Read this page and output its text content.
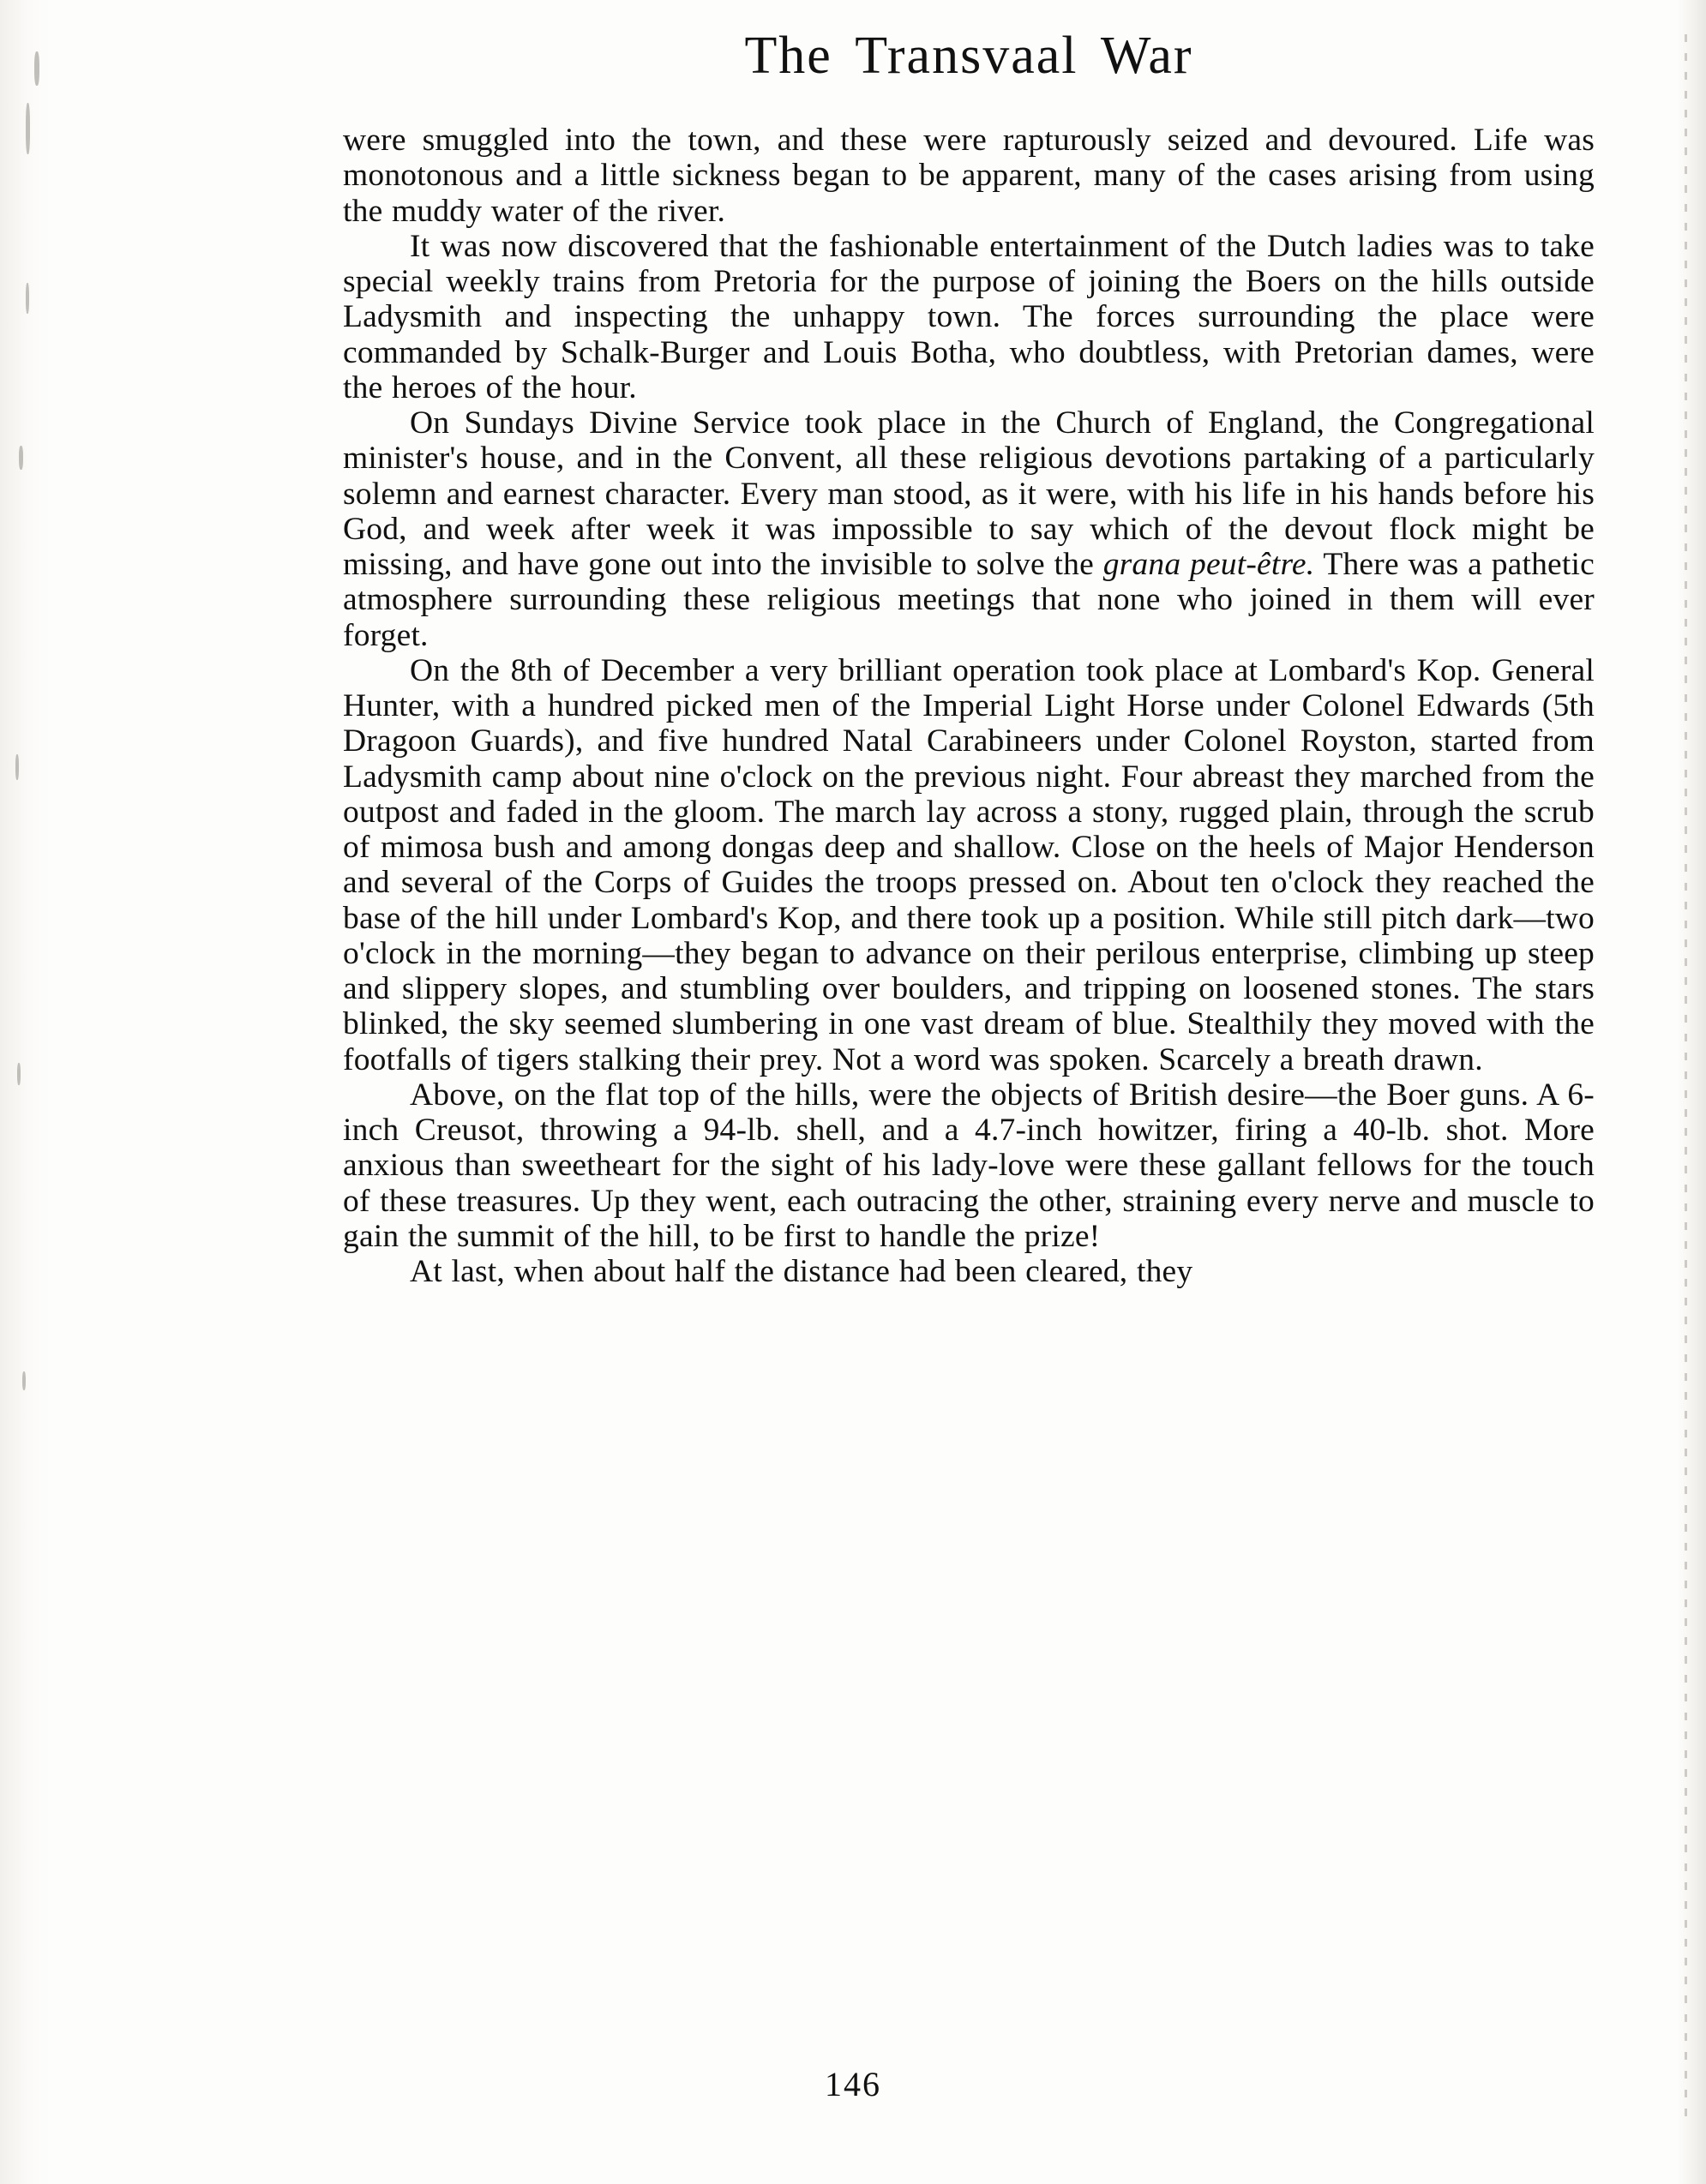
The Transvaal War

were smuggled into the town, and these were rapturously seized and devoured. Life was monotonous and a little sickness began to be apparent, many of the cases arising from using the muddy water of the river.

It was now discovered that the fashionable entertainment of the Dutch ladies was to take special weekly trains from Pretoria for the purpose of joining the Boers on the hills outside Ladysmith and inspecting the unhappy town. The forces surrounding the place were commanded by Schalk-Burger and Louis Botha, who doubtless, with Pretorian dames, were the heroes of the hour.

On Sundays Divine Service took place in the Church of England, the Congregational minister's house, and in the Convent, all these religious devotions partaking of a particularly solemn and earnest character. Every man stood, as it were, with his life in his hands before his God, and week after week it was impossible to say which of the devout flock might be missing, and have gone out into the invisible to solve the grana peut-être. There was a pathetic atmosphere surrounding these religious meetings that none who joined in them will ever forget.

On the 8th of December a very brilliant operation took place at Lombard's Kop. General Hunter, with a hundred picked men of the Imperial Light Horse under Colonel Edwards (5th Dragoon Guards), and five hundred Natal Carabineers under Colonel Royston, started from Ladysmith camp about nine o'clock on the previous night. Four abreast they marched from the outpost and faded in the gloom. The march lay across a stony, rugged plain, through the scrub of mimosa bush and among dongas deep and shallow. Close on the heels of Major Henderson and several of the Corps of Guides the troops pressed on. About ten o'clock they reached the base of the hill under Lombard's Kop, and there took up a position. While still pitch dark—two o'clock in the morning—they began to advance on their perilous enterprise, climbing up steep and slippery slopes, and stumbling over boulders, and tripping on loosened stones. The stars blinked, the sky seemed slumbering in one vast dream of blue. Stealthily they moved with the footfalls of tigers stalking their prey. Not a word was spoken. Scarcely a breath drawn.

Above, on the flat top of the hills, were the objects of British desire—the Boer guns. A 6-inch Creusot, throwing a 94-lb. shell, and a 4.7-inch howitzer, firing a 40-lb. shot. More anxious than sweetheart for the sight of his lady-love were these gallant fellows for the touch of these treasures. Up they went, each outracing the other, straining every nerve and muscle to gain the summit of the hill, to be first to handle the prize!

At last, when about half the distance had been cleared, they

146
